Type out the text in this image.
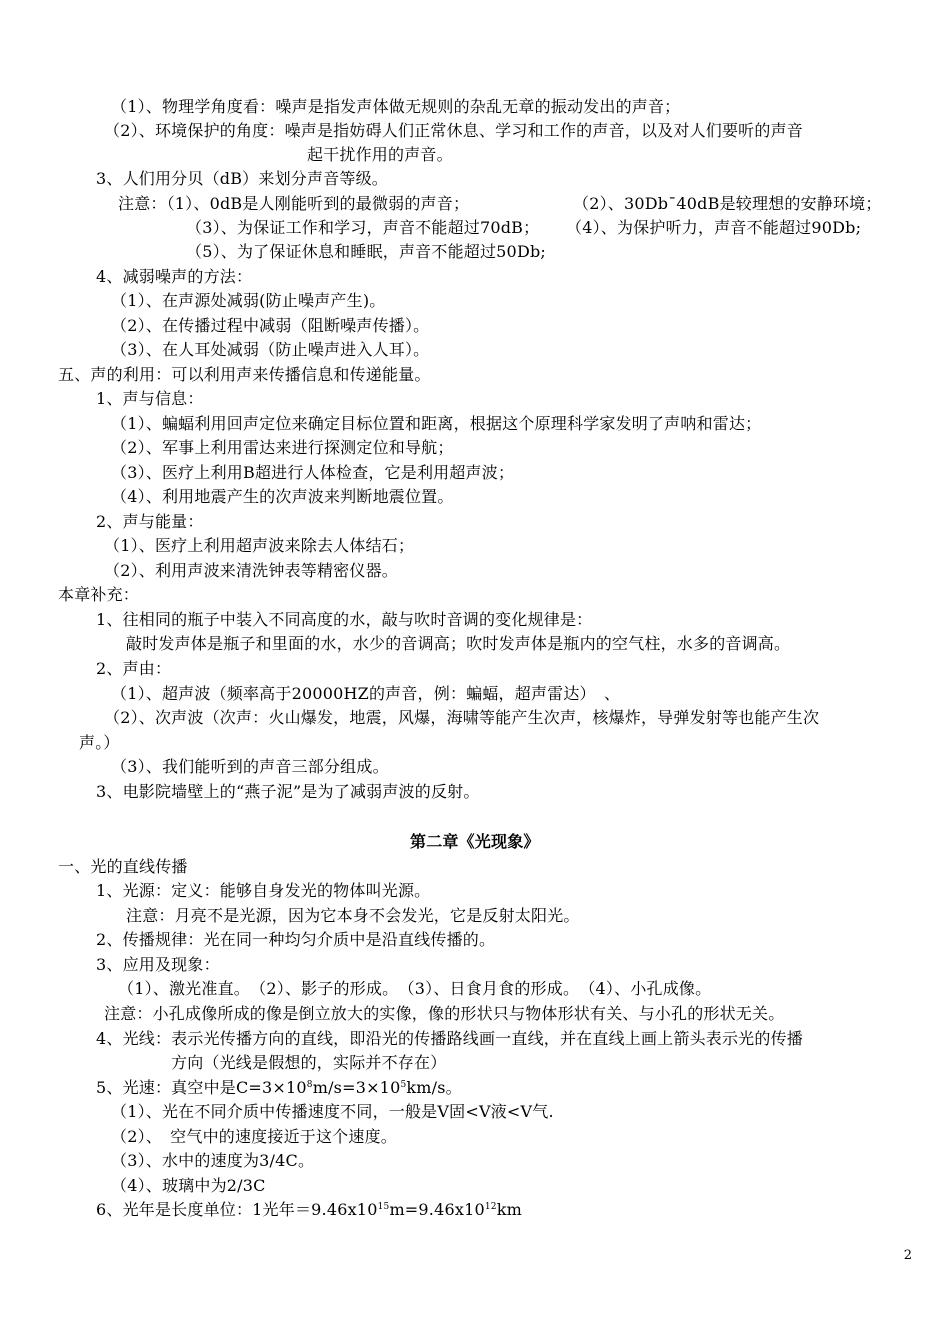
（1）、物理学角度看：噪声是指发声体做无规则的杂乱无章的振动发出的声音；
（2）、环境保护的角度：噪声是指妨碍人们正常休息、学习和工作的声音，以及对人们要听的声音
起干扰作用的声音。
3、人们用分贝（dB）来划分声音等级。
注意：（1）、0dB是人刚能听到的最微弱的声音；	（2）、30Db¯40dB是较理想的安静环境；
（3）、为保证工作和学习，声音不能超过70dB； （4）、为保护听力，声音不能超过90Db;
（5）、为了保证休息和睡眠，声音不能超过50Db;
4、减弱噪声的方法：
（1）、在声源处减弱(防止噪声产生)。
（2）、在传播过程中减弱（阻断噪声传播）。
（3）、在人耳处减弱（防止噪声进入人耳）。
五、声的利用：可以利用声来传播信息和传递能量。
1、声与信息：
（1）、蝙蝠利用回声定位来确定目标位置和距离，根据这个原理科学家发明了声呐和雷达；
（2）、军事上利用雷达来进行探测定位和导航；
（3）、医疗上利用B超进行人体检查，它是利用超声波；
（4）、利用地震产生的次声波来判断地震位置。
2、声与能量：
（1）、医疗上利用超声波来除去人体结石；
（2）、利用声波来清洗钟表等精密仪器。
本章补充：
1、往相同的瓶子中装入不同高度的水，敲与吹时音调的变化规律是：
敲时发声体是瓶子和里面的水，水少的音调高；吹时发声体是瓶内的空气柱，水多的音调高。
2、声由：
（1）、超声波（频率高于20000HZ的声音，例：蝙蝠，超声雷达）　、
（2）、次声波（次声：火山爆发，地震，风爆，海啸等能产生次声，核爆炸，导弹发射等也能产生次
声。）
（3）、我们能听到的声音三部分组成。
3、电影院墙壁上的“燕子泥”是为了减弱声波的反射。
第二章《光现象》
一、光的直线传播
1、光源：定义：能够自身发光的物体叫光源。
注意：月亮不是光源，因为它本身不会发光，它是反射太阳光。
2、传播规律：光在同一种均匀介质中是沿直线传播的。
3、应用及现象：
（1）、激光准直。　（2）、影子的形成。　（3）、日食月食的形成。　（4）、小孔成像。
注意：小孔成像所成的像是倒立放大的实像，像的形状只与物体形状有关、与小孔的形状无关。
4、光线：表示光传播方向的直线，即沿光的传播路线画一直线，并在直线上画上箭头表示光的传播
方向（光线是假想的，实际并不存在）
5、光速：真空中是$C=3\times 10^8m/s=3\times 10^5km/s$。
（1）、光在不同介质中传播速度不同，一般是V固<V液<V气.
（2）、　空气中的速度接近于这个速度。
（3）、水中的速度为3/4C。
（4）、玻璃中为2/3C
6、光年是长度单位：1光年$=9.46x10^{15}m=9.46x10^{12}km$
2
